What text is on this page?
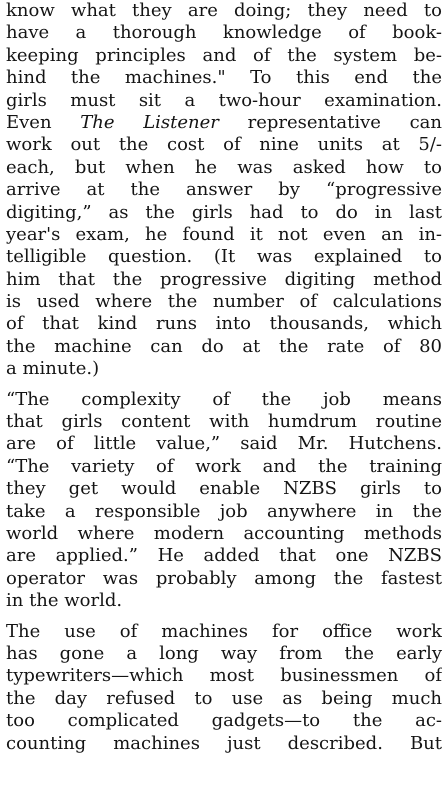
know what they are doing; they need to
have a thorough knowledge of book-
keeping principles and of the system be-
hind the machines." To this end the
girls must sit a two-hour examination.
Even The Listener representative can
work out the cost of nine units at 5/-
each, but when he was asked how to
arrive at the answer by “progressive
digiting,” as the girls had to do in last
year's exam, he found it not even an in-
telligible question. (It was explained to
him that the progressive digiting method
is used where the number of calculations
of that kind runs into thousands, which
the machine can do at the rate of 80
a minute.)
“The complexity of the job means
that girls content with humdrum routine
are of little value,” said Mr. Hutchens.
“The variety of work and the training
they get would enable NZBS girls to
take a responsible job anywhere in the
world where modern accounting methods
are applied.” He added that one NZBS
operator was probably among the fastest
in the world.
The use of machines for office work
has gone a long way from the early
typewriters—which most businessmen of
the day refused to use as being much
too complicated gadgets—to the ac-
counting machines just described. But
